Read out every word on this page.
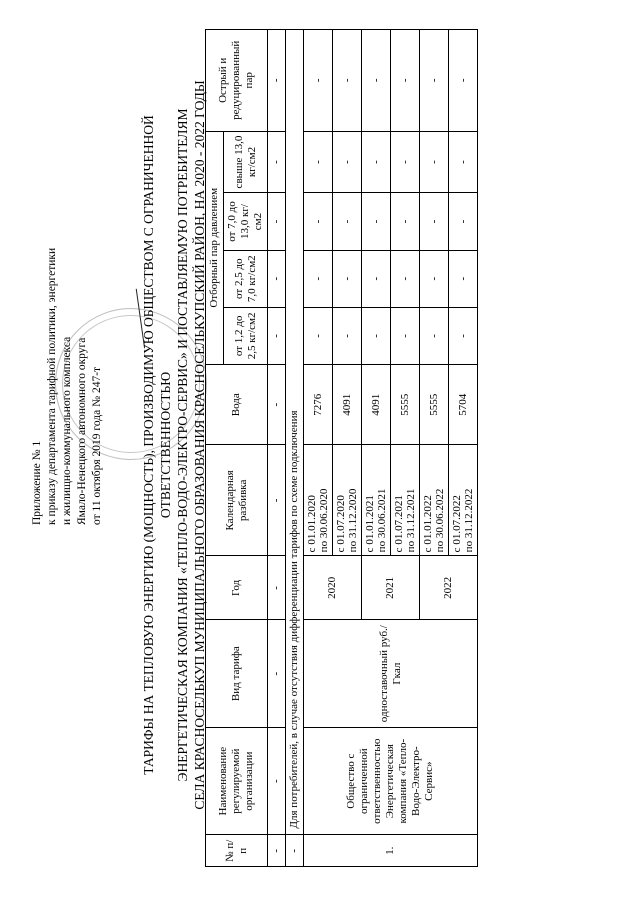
Приложение № 1 к приказу департамента тарифной политики, энергетики и жилищно-коммунального комплекса Ямало-Ненецкого автономного округа от 11 октября 2019 года № 247-т	ТАРИФЫ НА ТЕПЛОВУЮ ЭНЕРГИЮ (МОЩНОСТЬ), ПРОИЗВОДИМУЮ ОБЩЕСТВОМ С ОГРАНИЧЕННОЙ ОТВЕТСТВЕННОСТЬЮ ЭНЕРГЕТИЧЕСКАЯ КОМПАНИЯ «ТЕПЛО-ВОДО-ЭЛЕКТРО-СЕРВИС» И ПОСТАВЛЯЕМУЮ ПОТРЕБИТЕЛЯМ СЕЛА КРАСНОСЕЛЬКУП МУНИЦИПАЛЬНОГО ОБРАЗОВАНИЯ КРАСНОСЕЛЬКУПСКИЙ РАЙОН, НА 2020 - 2022 ГОДЫ
№ п/п	Наименование регулируемой организации	Вид тарифа	Год	Календарная разбивка	Вода	Отборный пар давлением				Острый и редуцированный пар
						от 1,2 до 2,5 кг/см2	от 2,5 до 7,0 кг/см2	от 7,0 до 13,0 кг/см2	свыше 13,0 кг/см2	
-	-	-	-	-	-	-	-	-	-	-
-	Для потребителей, в случае отсутствия дифференциации тарифов по схеме подключения									
1.	Общество с ограниченной ответственностью Энергетическая компания «Тепло-Водо-Электро-Сервис»	одноставочный руб./Гкал	2020	с 01.01.2020 по 30.06.2020	7276	-	-	-	-	-

				с 01.07.2020 по 31.12.2020	4091	-	-	-	-	-
			2021	с 01.01.2021 по 30.06.2021	4091	-	-	-	-	-

				с 01.07.2021 по 31.12.2021	5555	-	-	-	-	-
			2022	с 01.01.2022 по 30.06.2022	5555	-	-	-	-	-

				с 01.07.2022 по 31.12.2022	5704	-	-	-	-	-
